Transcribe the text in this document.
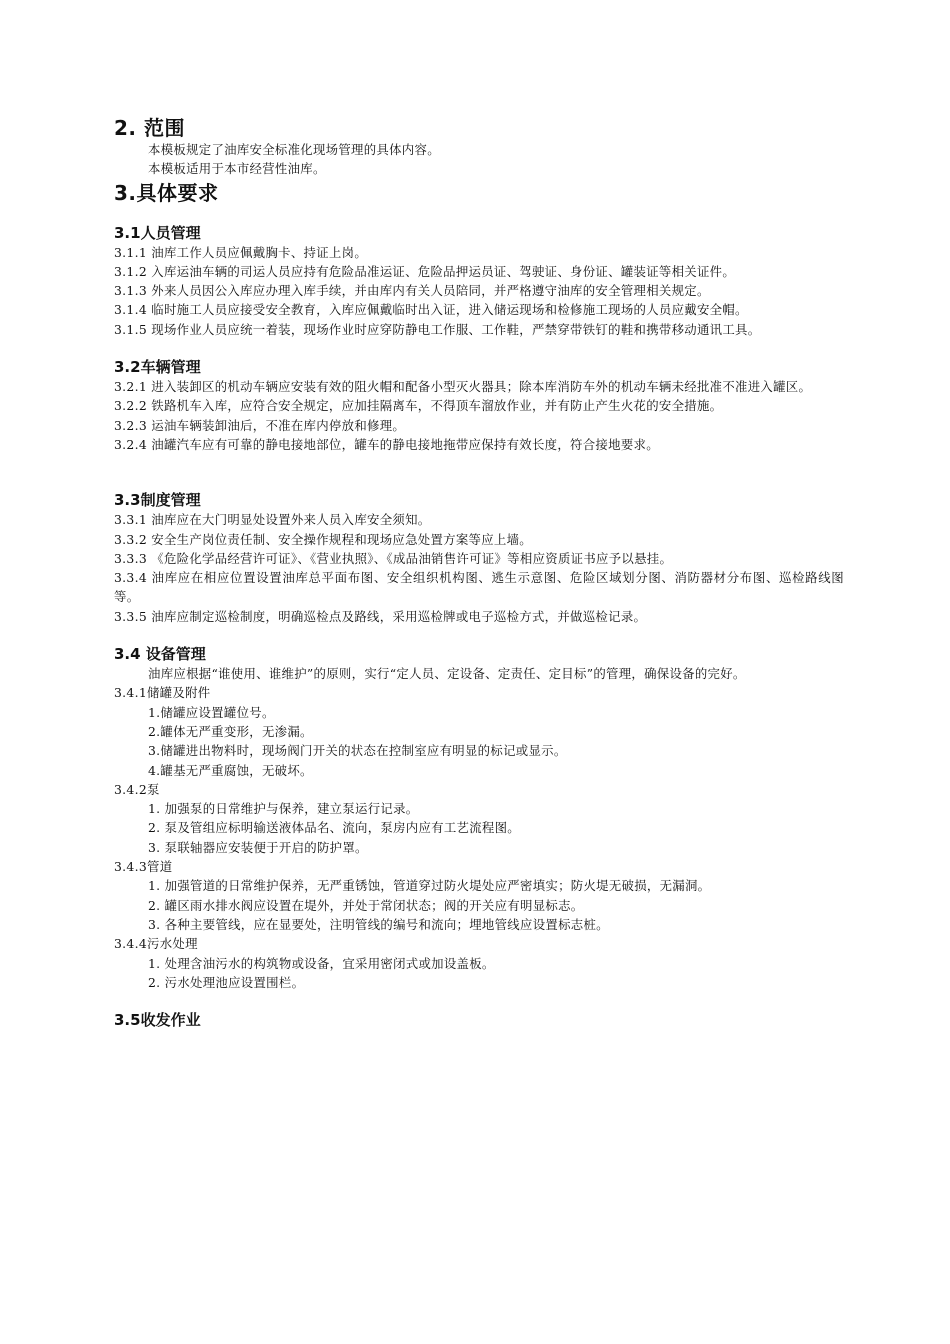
2. 范围

本模板规定了油库安全标准化现场管理的具体内容。

本模板适用于本市经营性油库。

3.具体要求
3.1人员管理

3.1.1 油库工作人员应佩戴胸卡、持证上岗。

3.1.2 入库运油车辆的司运人员应持有危险品准运证、危险品押运员证、驾驶证、身份证、罐装证等相关证件。

3.1.3 外来人员因公入库应办理入库手续，并由库内有关人员陪同，并严格遵守油库的安全管理相关规定。

3.1.4 临时施工人员应接受安全教育，入库应佩戴临时出入证，进入储运现场和检修施工现场的人员应戴安全帽。

3.1.5 现场作业人员应统一着装，现场作业时应穿防静电工作服、工作鞋，严禁穿带铁钉的鞋和携带移动通讯工具。

3.2车辆管理

3.2.1 进入装卸区的机动车辆应安装有效的阻火帽和配备小型灭火器具；除本库消防车外的机动车辆未经批准不准进入罐区。

3.2.2 铁路机车入库，应符合安全规定，应加挂隔离车，不得顶车溜放作业，并有防止产生火花的安全措施。

3.2.3 运油车辆装卸油后，不准在库内停放和修理。

3.2.4 油罐汽车应有可靠的静电接地部位，罐车的静电接地拖带应保持有效长度，符合接地要求。

3.3制度管理

3.3.1 油库应在大门明显处设置外来人员入库安全须知。

3.3.2 安全生产岗位责任制、安全操作规程和现场应急处置方案等应上墙。

3.3.3 《危险化学品经营许可证》、《营业执照》、《成品油销售许可证》等相应资质证书应予以悬挂。

3.3.4 油库应在相应位置设置油库总平面布图、安全组织机构图、逃生示意图、危险区域划分图、消防器材分布图、巡检路线图等。

3.3.5 油库应制定巡检制度，明确巡检点及路线，采用巡检牌或电子巡检方式，并做巡检记录。

3.4 设备管理

油库应根据“谁使用、谁维护”的原则，实行“定人员、定设备、定责任、定目标”的管理，确保设备的完好。

3.4.1储罐及附件

1.储罐应设置罐位号。

2.罐体无严重变形，无渗漏。

3.储罐进出物料时，现场阀门开关的状态在控制室应有明显的标记或显示。

4.罐基无严重腐蚀，无破坏。

3.4.2泵

1. 加强泵的日常维护与保养，建立泵运行记录。

2. 泵及管组应标明输送液体品名、流向，泵房内应有工艺流程图。

3. 泵联轴器应安装便于开启的防护罩。

3.4.3管道

1. 加强管道的日常维护保养，无严重锈蚀，管道穿过防火堤处应严密填实；防火堤无破损，无漏洞。

2. 罐区雨水排水阀应设置在堤外，并处于常闭状态；阀的开关应有明显标志。

3. 各种主要管线，应在显要处，注明管线的编号和流向；埋地管线应设置标志桩。

3.4.4污水处理

1. 处理含油污水的构筑物或设备，宜采用密闭式或加设盖板。

2. 污水处理池应设置围栏。

3.5收发作业
